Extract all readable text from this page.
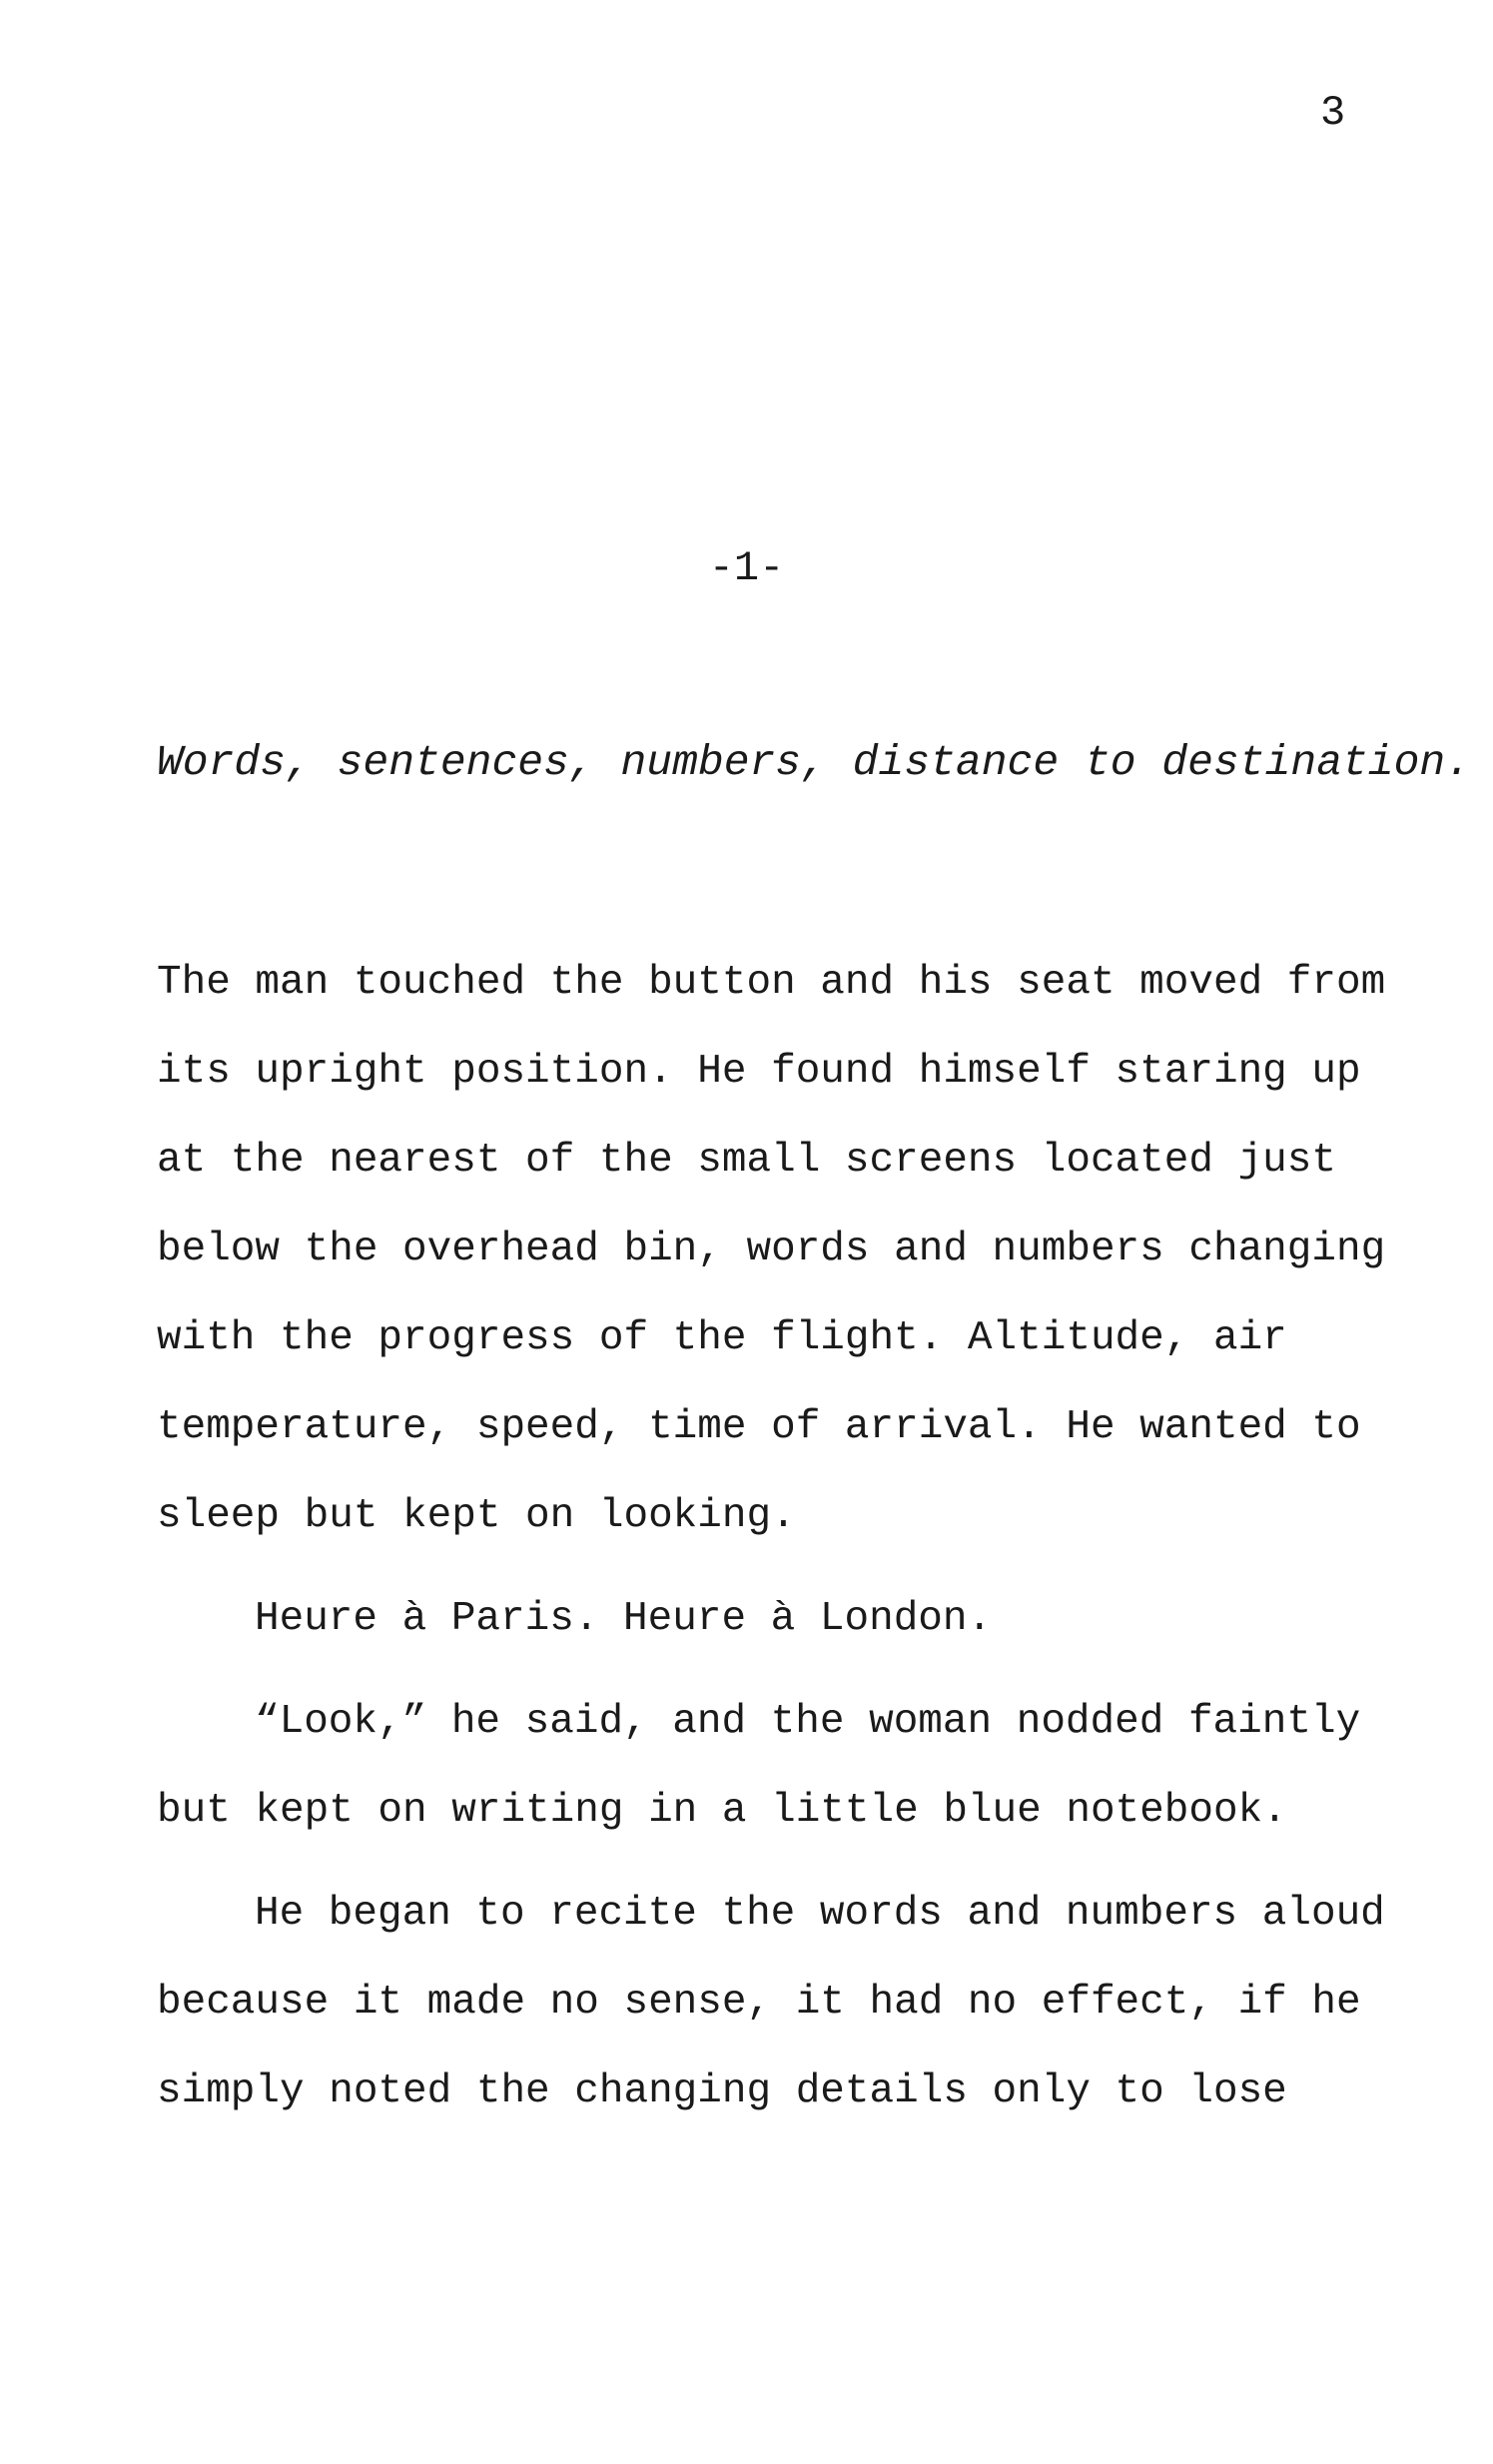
3
-1-
Words, sentences, numbers, distance to destination.
The man touched the button and his seat moved from
its upright position. He found himself staring up
at the nearest of the small screens located just
below the overhead bin, words and numbers changing
with the progress of the flight. Altitude, air
temperature, speed, time of arrival. He wanted to
sleep but kept on looking.
Heure à Paris. Heure à London.
“Look,” he said, and the woman nodded faintly
but kept on writing in a little blue notebook.
He began to recite the words and numbers aloud
because it made no sense, it had no effect, if he
simply noted the changing details only to lose
